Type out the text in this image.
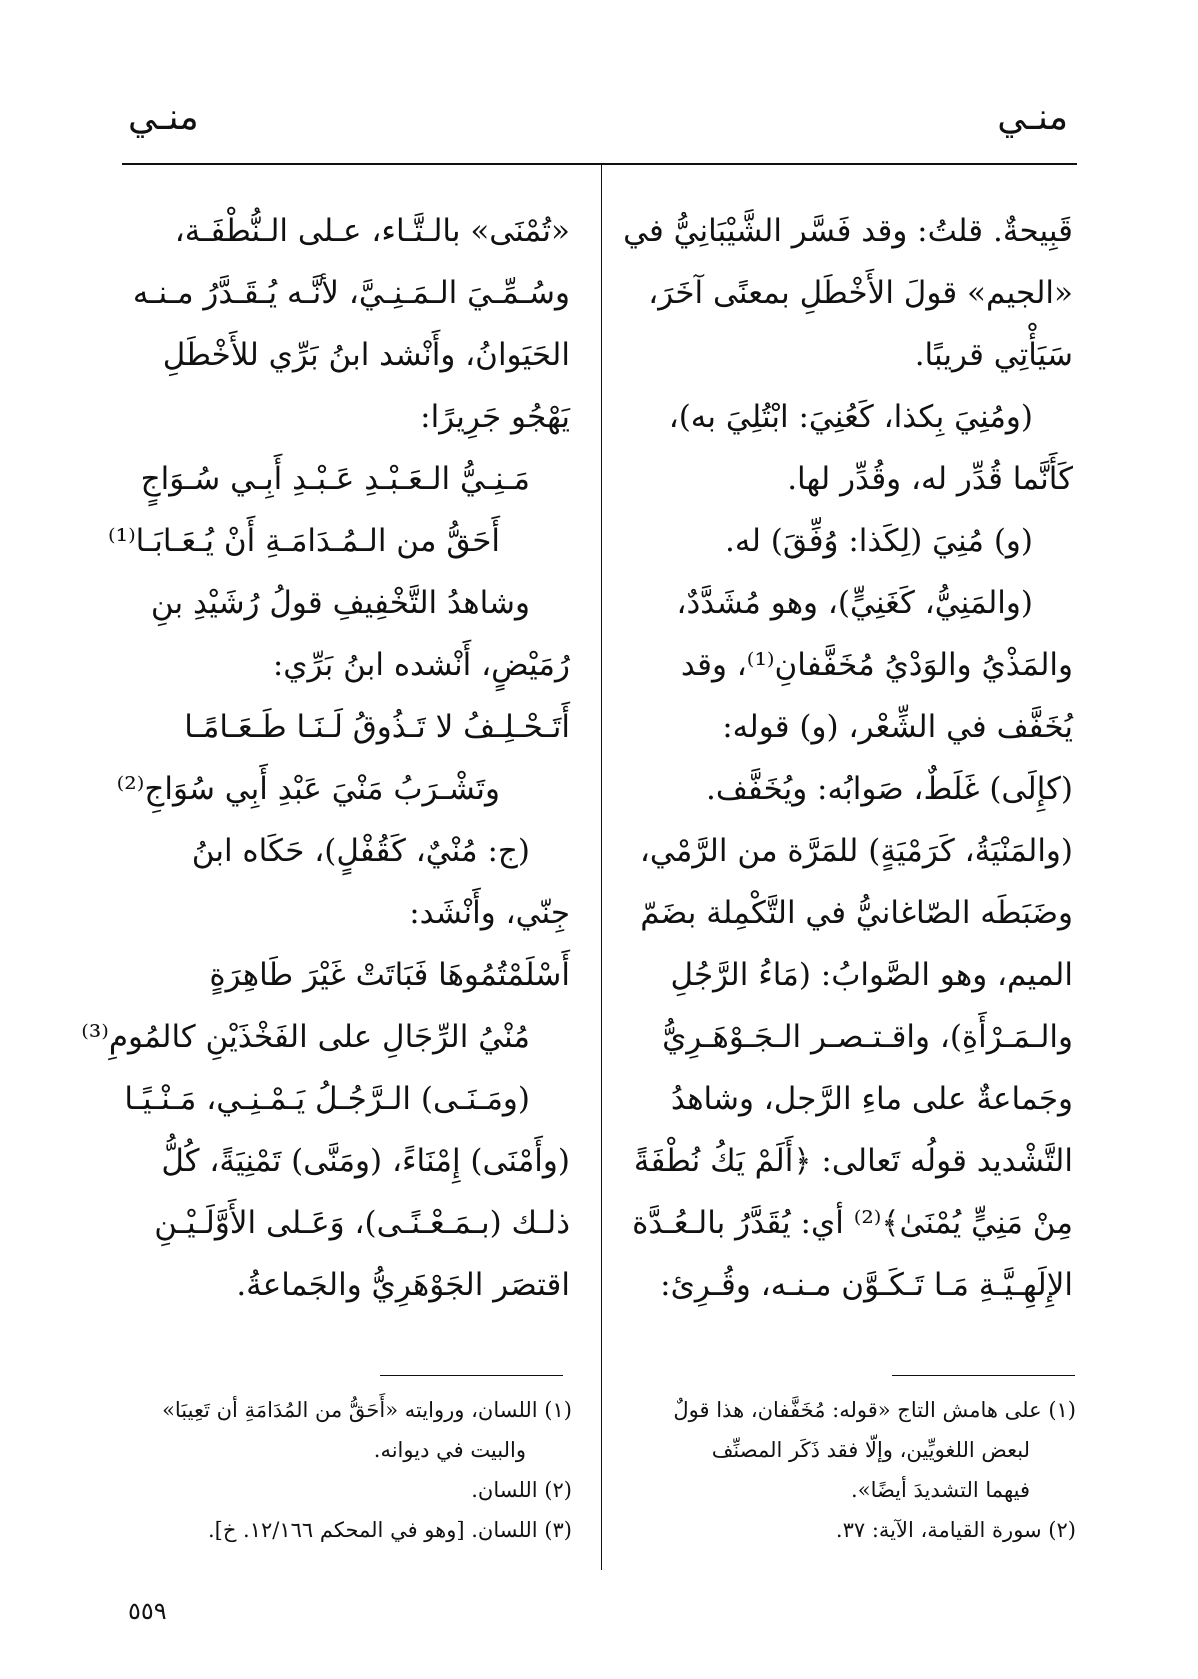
منـي
منـي
قَبِيحةٌ. قلتُ: وقد فَسَّر الشَّيْبَانِيُّ في
«الجيم» قولَ الأَخْطَلِ بمعنًى آخَرَ،
سَيَأْتِي قريبًا.
(ومُنِيَ بِكذا، كَعُنِيَ: ابْتُلِيَ به)،
كَأَنَّما قُدِّر له، وقُدِّر لها.
(و) مُنِيَ (لِكَذا: وُفِّقَ) له.
(والمَنِيُّ، كَغَنِيٍّ)، وهو مُشَدَّدٌ،
والمَذْيُ والوَدْيُ مُخَفَّفانِ⁽¹⁾، وقد
يُخَفَّف في الشِّعْر، (و) قوله:
(كإِلَى) غَلَطٌ، صَوابُه: ويُخَفَّف.
(والمَنْيَةُ، كَرَمْيَةٍ) للمَرَّة من الرَّمْي،
وضَبَطَه الصّاغانيُّ في التَّكْمِلة بضَمّ
الميم، وهو الصَّوابُ: (مَاءُ الرَّجُلِ
والـمَـرْأَةِ)، واقـتـصـر الـجَـوْهَـرِيُّ
وجَماعةٌ على ماءِ الرَّجل، وشاهدُ
التَّشْديد قولُه تَعالى: ﴿أَلَمْ يَكُ نُطْفَةً
مِنْ مَنِيٍّ يُمْنَىٰ﴾⁽²⁾ أي: يُقَدَّرُ بالـعُـدَّة
الإِلَهِـيَّـةِ مَـا تَـكَـوَّن مـنـه، وقُـرِئ:
«تُمْنَى» بالـتَّـاء، عـلى الـنُّطْفَـة،
وسُـمِّـيَ الـمَـنِـيَّ، لأنَّـه يُـقَـدَّرُ مـنـه
الحَيَوانُ، وأَنْشد ابنُ بَرِّي للأَخْطَلِ
يَهْجُو جَرِيرًا:
مَـنِـيُّ الـعَـبْـدِ عَـبْـدِ أَبِـي سُـوَاجٍ
أَحَقُّ من الـمُـدَامَـةِ أَنْ يُـعَـابَـا⁽¹⁾
وشاهدُ التَّخْفِيفِ قولُ رُشَيْدِ بنِ
رُمَيْضٍ، أَنْشده ابنُ بَرِّي:
أَتَـحْـلِـفُ لا تَـذُوقُ لَـنَـا طَـعَـامًـا
وتَشْـرَبُ مَنْيَ عَبْدِ أَبِي سُوَاجِ⁽²⁾
(ج: مُنْيٌ، كَقُفْلٍ)، حَكَاه ابنُ
جِنّي، وأَنْشَد:
أَسْلَمْتُمُوهَا فَبَاتَتْ غَيْرَ طَاهِرَةٍ
مُنْيُ الرِّجَالِ على الفَخْذَيْنِ كالمُومِ⁽³⁾
(ومَـنَـى) الـرَّجُـلُ يَـمْـنِـي، مَـنْـيًـا
(وأَمْنَى) إِمْنَاءً، (ومَنَّى) تَمْنِيَةً، كُلُّ
ذلـك (بـمَـعْـنًـى)، وَعَـلى الأَوَّلَـيْـنِ
اقتصَر الجَوْهَرِيُّ والجَماعةُ.
(١) على هامش التاج «قوله: مُخَفَّفان، هذا قولٌ
لبعض اللغويِّين، وإلّا فقد ذَكَر المصنِّف
فيهما التشديدَ أيضًا».
(٢) سورة القيامة، الآية: ٣٧.
(١) اللسان، وروايته «أَحَقُّ من المُدَامَةِ أن تَعِيبَا»
والبيت في ديوانه.
(٢) اللسان.
(٣) اللسان. [وهو في المحكم ١٢/١٦٦. خ].
٥٥٩
